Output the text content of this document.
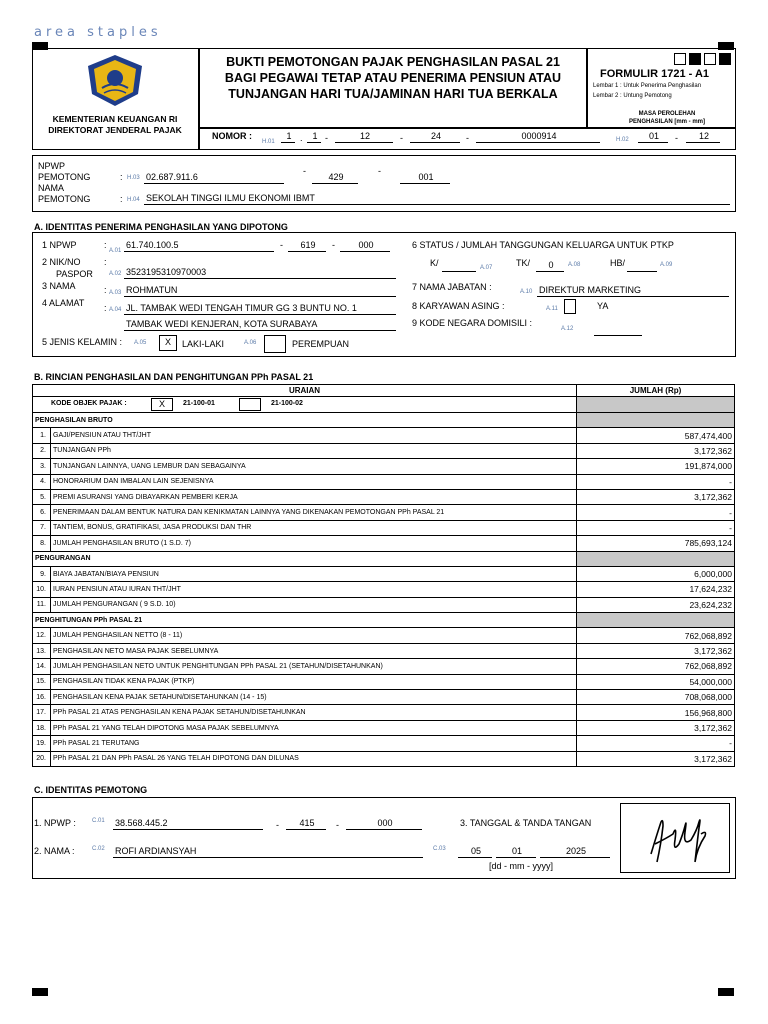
area staples
KEMENTERIAN KEUANGAN RI
DIREKTORAT JENDERAL PAJAK
BUKTI PEMOTONGAN PAJAK PENGHASILAN PASAL 21
BAGI PEGAWAI TETAP ATAU PENERIMA PENSIUN ATAU
TUNJANGAN HARI TUA/JAMINAN HARI TUA BERKALA
FORMULIR 1721 - A1
Lembar 1 : Untuk Penerima Penghasilan
Lembar 2 : Untung Pemotong
MASA PEROLEHAN
PENGHASILAN [mm - mm]
H.02	01	-	12
NOMOR :
H.01
1 .	1 -	12	-	24	-	0000914
NPWP
PEMOTONG	: H.03 02.687.911.6
-
429
-
001
NAMA
PEMOTONG	: H.04 SEKOLAH TINGGI ILMU EKONOMI IBMT
A. IDENTITAS PENERIMA PENGHASILAN YANG DIPOTONG
1 NPWP	:
A.01
61.740.100.5	-	619	-	000
2 NIK/NO	:
PASPOR	A.02 3523195310970003
3 NAMA	: A.03 ROHMATUN
4 ALAMAT : A.04 JL. TAMBAK WEDI TENGAH TIMUR GG 3 BUNTU NO. 1
TAMBAK WEDI KENJERAN, KOTA SURABAYA
5 JENIS KELAMIN : A.05	X	LAKI-LAKI	A.06	PEREMPUAN
6 STATUS / JUMLAH TANGGUNGAN KELUARGA UNTUK PTKP
K/	A.07	TK/	0	A.08	HB/	A.09
7 NAMA JABATAN :	A.10 DIREKTUR MARKETING
8 KARYAWAN ASING :	A.11	YA
9 KODE NEGARA DOMISILI :
A.12
B. RINCIAN PENGHASILAN DAN PENGHITUNGAN PPh PASAL 21
URAIAN		JUMLAH (Rp)

KODE OBJEK PAJAK : X 21-100-01 21-100-02		

PENGHASILAN BRUTO		
1.	GAJI/PENSIUN ATAU THT/JHT	587,474,400
2.	TUNJANGAN PPh	3,172,362
3.	TUNJANGAN LAINNYA, UANG LEMBUR DAN SEBAGAINYA	191,874,000
4.	HONORARIUM DAN IMBALAN LAIN SEJENISNYA	-
5.	PREMI ASURANSI YANG DIBAYARKAN PEMBERI KERJA	3,172,362
6.	PENERIMAAN DALAM BENTUK NATURA DAN KENIKMATAN LAINNYA YANG DIKENAKAN PEMOTONGAN PPh PASAL 21	-
7.	TANTIEM, BONUS, GRATIFIKASI, JASA PRODUKSI DAN THR	-
8.	JUMLAH PENGHASILAN BRUTO (1 S.D. 7)	785,693,124
PENGURANGAN		
9.	BIAYA JABATAN/BIAYA PENSIUN	6,000,000
10.	IURAN PENSIUN ATAU IURAN THT/JHT	17,624,232
11.	JUMLAH PENGURANGAN ( 9 S.D. 10)	23,624,232
PENGHITUNGAN PPh PASAL 21		
12.	JUMLAH PENGHASILAN NETTO (8 - 11)	762,068,892
13.	PENGHASILAN NETO MASA PAJAK SEBELUMNYA	3,172,362
14.	JUMLAH PENGHASILAN NETO UNTUK PENGHITUNGAN PPh PASAL 21 (SETAHUN/DISETAHUNKAN)	762,068,892
15.	PENGHASILAN TIDAK KENA PAJAK (PTKP)	54,000,000
16.	PENGHASILAN KENA PAJAK SETAHUN/DISETAHUNKAN (14 - 15)	708,068,000
17.	PPh PASAL 21 ATAS PENGHASILAN KENA PAJAK SETAHUN/DISETAHUNKAN	156,968,800
18.	PPh PASAL 21 YANG TELAH DIPOTONG MASA PAJAK SEBELUMNYA	3,172,362
19.	PPh PASAL 21 TERUTANG	-
20.	PPh PASAL 21 DAN PPh PASAL 26 YANG TELAH DIPOTONG DAN DILUNAS	3,172,362
C. IDENTITAS PEMOTONG
1. NPWP :	C.01 38.568.445.2	-	415	-	000
2. NAMA :	C.02 ROFI ARDIANSYAH
3. TANGGAL & TANDA TANGAN
C.03	05	01	2025
[dd - mm - yyyy]
